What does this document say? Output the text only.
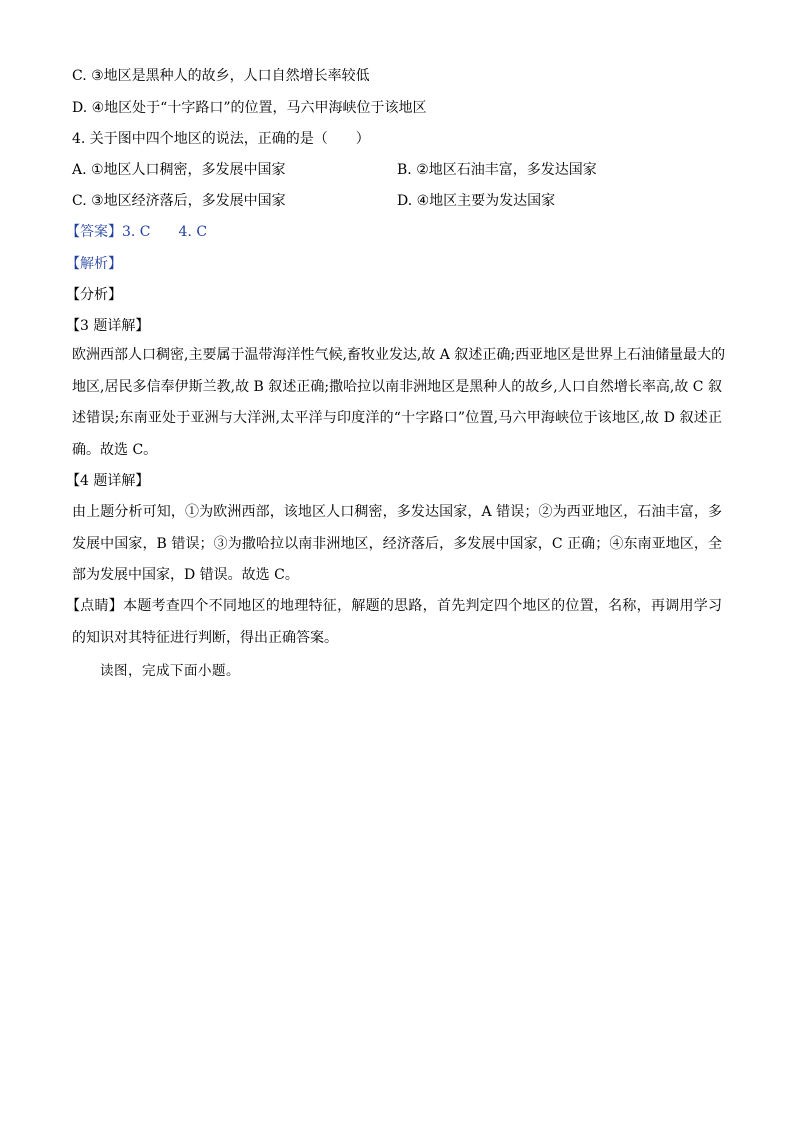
C. ③地区是黑种人的故乡，人口自然增长率较低
D. ④地区处于“十字路口”的位置，马六甲海峡位于该地区
4. 关于图中四个地区的说法，正确的是（　　）
A. ①地区人口稠密，多发展中国家	B. ②地区石油丰富，多发达国家
C. ③地区经济落后，多发展中国家	D. ④地区主要为发达国家
【答案】3. C　　4. C
【解析】
【分析】
【3 题详解】
欧洲西部人口稠密,主要属于温带海洋性气候,畜牧业发达,故 A 叙述正确;西亚地区是世界上石油储量最大的
地区,居民多信奉伊斯兰教,故 B 叙述正确;撒哈拉以南非洲地区是黑种人的故乡,人口自然增长率高,故 C 叙
述错误;东南亚处于亚洲与大洋洲,太平洋与印度洋的“十字路口”位置,马六甲海峡位于该地区,故 D 叙述正
确。故选 C。
【4 题详解】
由上题分析可知，①为欧洲西部，该地区人口稠密，多发达国家，A 错误；②为西亚地区，石油丰富，多
发展中国家，B 错误；③为撒哈拉以南非洲地区，经济落后，多发展中国家，C 正确；④东南亚地区，全
部为发展中国家，D 错误。故选 C。
【点睛】本题考查四个不同地区的地理特征，解题的思路，首先判定四个地区的位置，名称，再调用学习
的知识对其特征进行判断，得出正确答案。
读图，完成下面小题。
